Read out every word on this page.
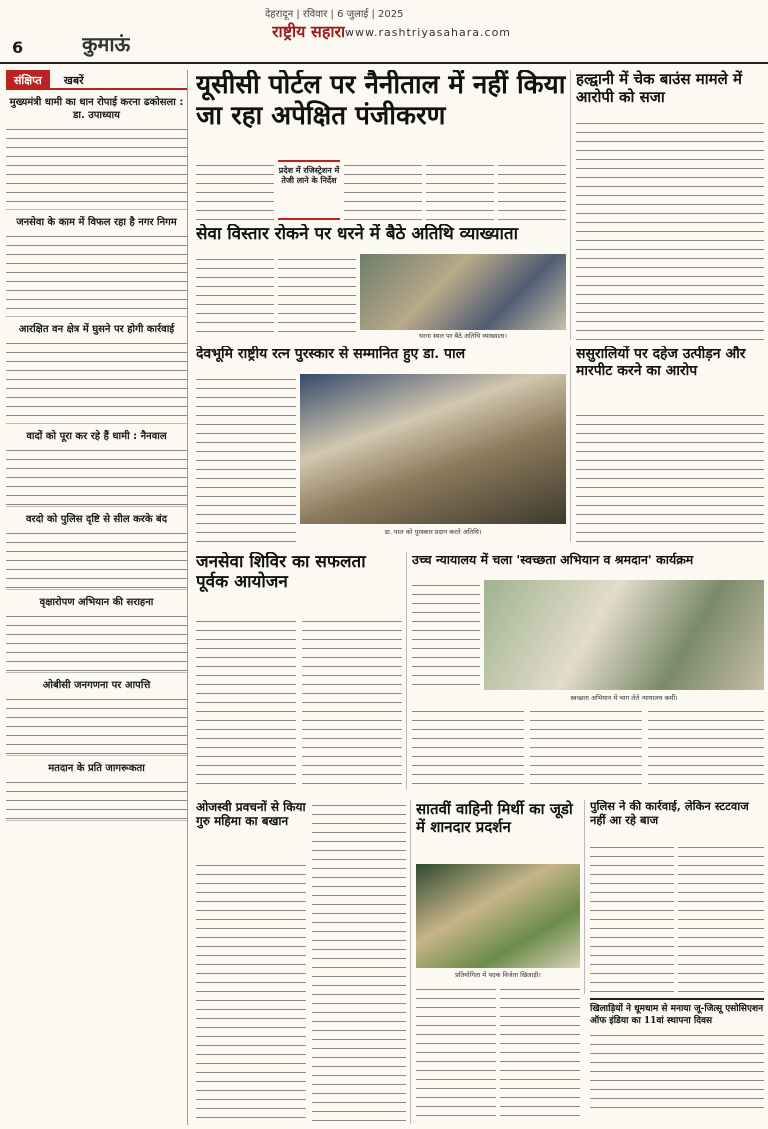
6	कुमाऊं
देहरादून | रविवार | 6 जुलाई | 2025
राष्ट्रीय सहारा www.rashtriyasahara.com
संक्षिप्त	खबरें
मुख्यमंत्री धामी का धान रोपाई करना ढकोसला : डा. उपाध्याय
जनसेवा के काम में विफल रहा है नगर निगम
आरक्षित वन क्षेत्र में घुसने पर होगी कार्रवाई
वादों को पूरा कर रहे हैं धामी : नैनवाल
वरदो को पुलिस दृष्टि से सील करके बंद
वृक्षारोपण अभियान की सराहना
ओबीसी जनगणना पर आपत्ति
मतदान के प्रति जागरूकता
यूसीसी पोर्टल पर नैनीताल में नहीं किया जा रहा अपेक्षित पंजीकरण
प्रदेश में रजिस्ट्रेशन में तेजी लाने के निर्देश
हल्द्वानी में चेक बाउंस मामले में आरोपी को सजा
सेवा विस्तार रोकने पर धरने में बैठे अतिथि व्याख्याता
धरना स्थल पर बैठे अतिथि व्याख्याता।
देवभूमि राष्ट्रीय रत्न पुरस्कार से सम्मानित हुए डा. पाल
डा. पाल को पुरस्कार प्रदान करते अतिथि।
ससुरालियों पर दहेज उत्पीड़न और मारपीट करने का आरोप
जनसेवा शिविर का सफलता पूर्वक आयोजन
उच्च न्यायालय में चला 'स्वच्छता अभियान व श्रमदान' कार्यक्रम
स्वच्छता अभियान में भाग लेते न्यायालय कर्मी।
ओजस्वी प्रवचनों से किया गुरु महिमा का बखान
सातवीं वाहिनी मिर्थी का जूडो में शानदार प्रदर्शन
प्रतियोगिता में पदक विजेता खिलाड़ी।
पुलिस ने की कार्रवाई, लेकिन स्टटवाज नहीं आ रहे बाज
खिलाड़ियों ने धूमधाम से मनाया जू-जित्सू एसोसिएशन ऑफ इंडिया का 11वां स्थापना दिवस
